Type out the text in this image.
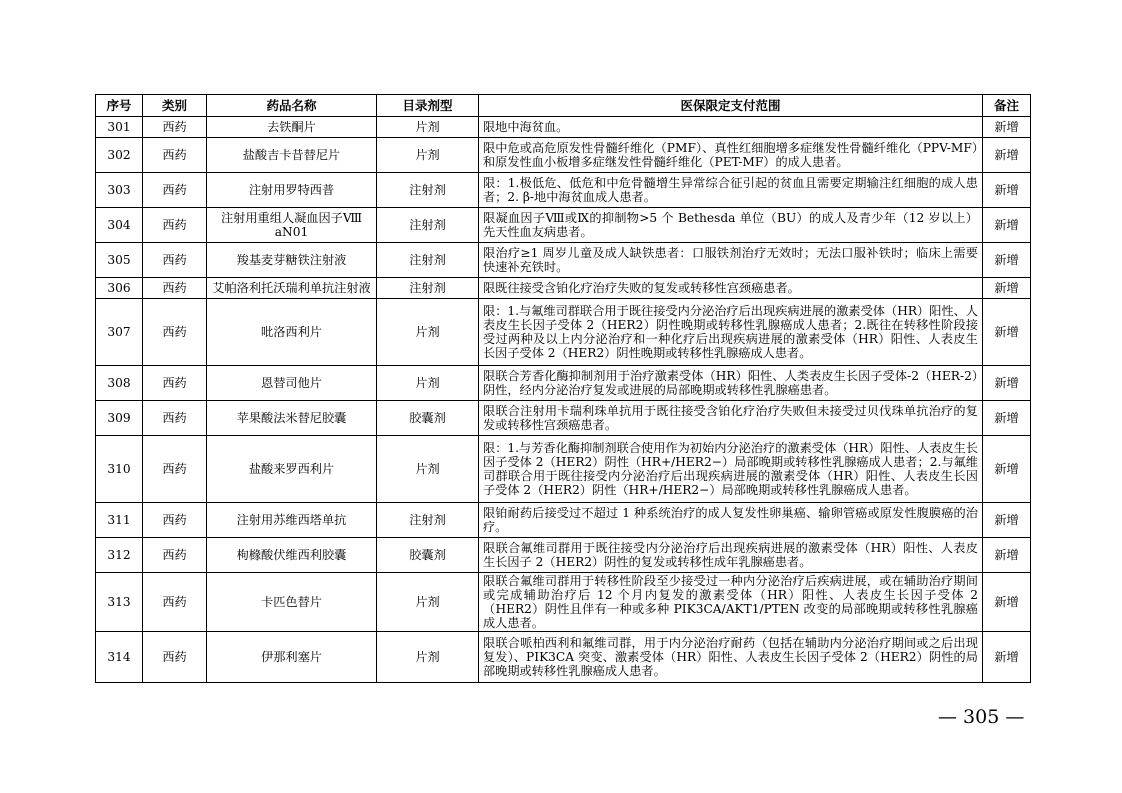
序号	类别	药品名称	目录剂型	医保限定支付范围	备注
301	西药	去铁酮片	片剂	限地中海贫血。	新增
302	西药	盐酸吉卡昔替尼片	片剂	限中危或高危原发性骨髓纤维化（PMF）、真性红细胞增多症继发性骨髓纤维化（PPV-MF）和原发性血小板增多症继发性骨髓纤维化（PET-MF）的成人患者。	新增
303	西药	注射用罗特西普	注射剂	限：1.极低危、低危和中危骨髓增生异常综合征引起的贫血且需要定期输注红细胞的成人患者；2. β-地中海贫血成人患者。	新增
304	西药	注射用重组人凝血因子Ⅷ aN01	注射剂	限凝血因子Ⅷ或Ⅸ的抑制物>5 个 Bethesda 单位（BU）的成人及青少年（12 岁以上）先天性血友病患者。	新增
305	西药	羧基麦芽糖铁注射液	注射剂	限治疗≥1 周岁儿童及成人缺铁患者：口服铁剂治疗无效时；无法口服补铁时；临床上需要快速补充铁时。	新增
306	西药	艾帕洛利托沃瑞利单抗注射液	注射剂	限既往接受含铂化疗治疗失败的复发或转移性宫颈癌患者。	新增
307	西药	吡洛西利片	片剂	限：1.与氟维司群联合用于既往接受内分泌治疗后出现疾病进展的激素受体（HR）阳性、人表皮生长因子受体 2（HER2）阴性晚期或转移性乳腺癌成人患者；2.既往在转移性阶段接受过两种及以上内分泌治疗和一种化疗后出现疾病进展的激素受体（HR）阳性、人表皮生长因子受体 2（HER2）阴性晚期或转移性乳腺癌成人患者。	新增
308	西药	恩替司他片	片剂	限联合芳香化酶抑制剂用于治疗激素受体（HR）阳性、人类表皮生长因子受体-2（HER-2）阴性，经内分泌治疗复发或进展的局部晚期或转移性乳腺癌患者。	新增
309	西药	苹果酸法米替尼胶囊	胶囊剂	限联合注射用卡瑞利珠单抗用于既往接受含铂化疗治疗失败但未接受过贝伐珠单抗治疗的复发或转移性宫颈癌患者。	新增
310	西药	盐酸来罗西利片	片剂	限：1.与芳香化酶抑制剂联合使用作为初始内分泌治疗的激素受体（HR）阳性、人表皮生长因子受体 2（HER2）阴性（HR+/HER2−）局部晚期或转移性乳腺癌成人患者；2.与氟维司群联合用于既往接受内分泌治疗后出现疾病进展的激素受体（HR）阳性、人表皮生长因子受体 2（HER2）阴性（HR+/HER2−）局部晚期或转移性乳腺癌成人患者。	新增
311	西药	注射用苏维西塔单抗	注射剂	限铂耐药后接受过不超过 1 种系统治疗的成人复发性卵巢癌、输卵管癌或原发性腹膜癌的治疗。	新增
312	西药	枸橼酸伏维西利胶囊	胶囊剂	限联合氟维司群用于既往接受内分泌治疗后出现疾病进展的激素受体（HR）阳性、人表皮生长因子 2（HER2）阴性的复发或转移性成年乳腺癌患者。	新增
313	西药	卡匹色替片	片剂	限联合氟维司群用于转移性阶段至少接受过一种内分泌治疗后疾病进展，或在辅助治疗期间或完成辅助治疗后 12 个月内复发的激素受体（HR）阳性、人表皮生长因子受体 2（HER2）阴性且伴有一种或多种 PIK3CA/AKT1/PTEN 改变的局部晚期或转移性乳腺癌成人患者。	新增
314	西药	伊那利塞片	片剂	限联合哌柏西利和氟维司群，用于内分泌治疗耐药（包括在辅助内分泌治疗期间或之后出现复发）、PIK3CA 突变、激素受体（HR）阳性、人表皮生长因子受体 2（HER2）阴性的局部晚期或转移性乳腺癌成人患者。	新增
— 305 —
